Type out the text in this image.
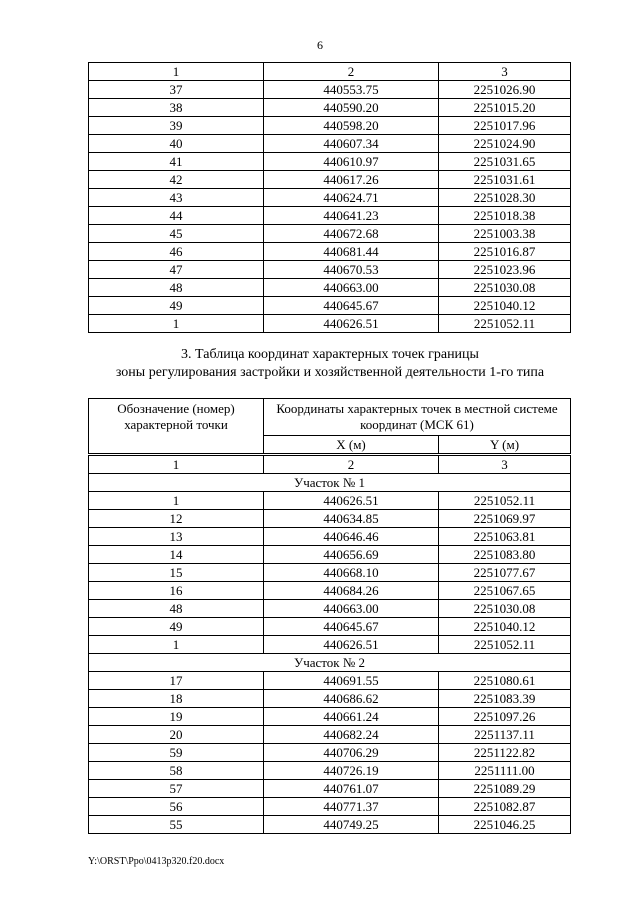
6
1	2	3
37	440553.75	2251026.90
38	440590.20	2251015.20
39	440598.20	2251017.96
40	440607.34	2251024.90
41	440610.97	2251031.65
42	440617.26	2251031.61
43	440624.71	2251028.30
44	440641.23	2251018.38
45	440672.68	2251003.38
46	440681.44	2251016.87
47	440670.53	2251023.96
48	440663.00	2251030.08
49	440645.67	2251040.12
1	440626.51	2251052.11
3. Таблица координат характерных точек границы
зоны регулирования застройки и хозяйственной деятельности 1-го типа
Обозначение (номер) характерной точки	Координаты характерных точек в местной системе координат (МСК 61)	
	X (м)	Y (м)
1	2	3
Участок № 1		
1	440626.51	2251052.11
12	440634.85	2251069.97
13	440646.46	2251063.81
14	440656.69	2251083.80
15	440668.10	2251077.67
16	440684.26	2251067.65
48	440663.00	2251030.08
49	440645.67	2251040.12
1	440626.51	2251052.11
Участок № 2		
17	440691.55	2251080.61
18	440686.62	2251083.39
19	440661.24	2251097.26
20	440682.24	2251137.11
59	440706.29	2251122.82
58	440726.19	2251111.00
57	440761.07	2251089.29
56	440771.37	2251082.87
55	440749.25	2251046.25
Y:\ORST\Ppo\0413p320.f20.docx
